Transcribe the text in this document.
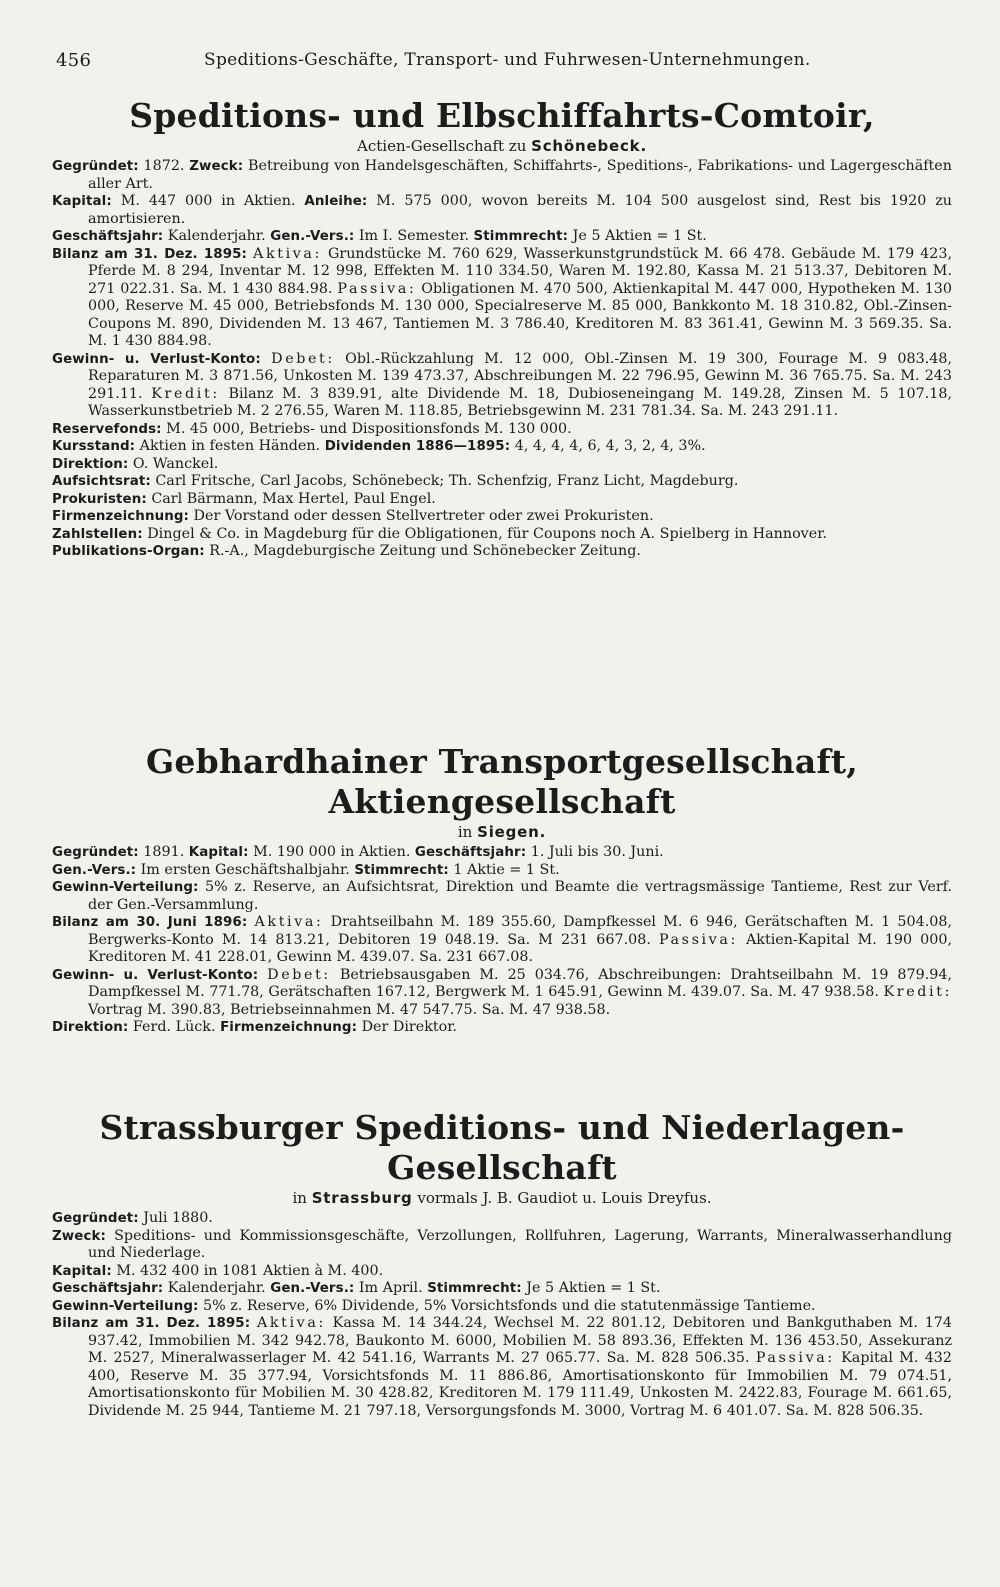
456	Speditions-Geschäfte, Transport- und Fuhrwesen-Unternehmungen.
Speditions- und Elbschiffahrts-Comtoir,

Actien-Gesellschaft zu Schönebeck.

Gegründet: 1872. Zweck: Betreibung von Handelsgeschäften, Schiffahrts-, Speditions-, Fabrikations- und Lagergeschäften aller Art.

Kapital: M. 447 000 in Aktien. Anleihe: M. 575 000, wovon bereits M. 104 500 ausgelost sind, Rest bis 1920 zu amortisieren.

Geschäftsjahr: Kalenderjahr. Gen.-Vers.: Im I. Semester. Stimmrecht: Je 5 Aktien = 1 St.

Bilanz am 31. Dez. 1895: Aktiva: Grundstücke M. 760 629, Wasserkunstgrundstück M. 66 478. Gebäude M. 179 423, Pferde M. 8 294, Inventar M. 12 998, Effekten M. 110 334.50, Waren M. 192.80, Kassa M. 21 513.37, Debitoren M. 271 022.31. Sa. M. 1 430 884.98. Passiva: Obligationen M. 470 500, Aktienkapital M. 447 000, Hypotheken M. 130 000, Reserve M. 45 000, Betriebsfonds M. 130 000, Specialreserve M. 85 000, Bankkonto M. 18 310.82, Obl.-Zinsen-Coupons M. 890, Dividenden M. 13 467, Tantiemen M. 3 786.40, Kreditoren M. 83 361.41, Gewinn M. 3 569.35. Sa. M. 1 430 884.98.

Gewinn- u. Verlust-Konto: Debet: Obl.-Rückzahlung M. 12 000, Obl.-Zinsen M. 19 300, Fourage M. 9 083.48, Reparaturen M. 3 871.56, Unkosten M. 139 473.37, Abschreibungen M. 22 796.95, Gewinn M. 36 765.75. Sa. M. 243 291.11. Kredit: Bilanz M. 3 839.91, alte Dividende M. 18, Dubioseneingang M. 149.28, Zinsen M. 5 107.18, Wasserkunstbetrieb M. 2 276.55, Waren M. 118.85, Betriebsgewinn M. 231 781.34. Sa. M. 243 291.11.

Reservefonds: M. 45 000, Betriebs- und Dispositionsfonds M. 130 000.

Kursstand: Aktien in festen Händen. Dividenden 1886—1895: 4, 4, 4, 4, 6, 4, 3, 2, 4, 3%.

Direktion: O. Wanckel.

Aufsichtsrat: Carl Fritsche, Carl Jacobs, Schönebeck; Th. Schenfzig, Franz Licht, Magdeburg.

Prokuristen: Carl Bärmann, Max Hertel, Paul Engel.

Firmenzeichnung: Der Vorstand oder dessen Stellvertreter oder zwei Prokuristen.

Zahlstellen: Dingel & Co. in Magdeburg für die Obligationen, für Coupons noch A. Spielberg in Hannover.

Publikations-Organ: R.-A., Magdeburgische Zeitung und Schönebecker Zeitung.

Gebhardhainer Transportgesellschaft, Aktiengesellschaft

in Siegen.

Gegründet: 1891. Kapital: M. 190 000 in Aktien. Geschäftsjahr: 1. Juli bis 30. Juni.

Gen.-Vers.: Im ersten Geschäftshalbjahr. Stimmrecht: 1 Aktie = 1 St.

Gewinn-Verteilung: 5% z. Reserve, an Aufsichtsrat, Direktion und Beamte die vertragsmässige Tantieme, Rest zur Verf. der Gen.-Versammlung.

Bilanz am 30. Juni 1896: Aktiva: Drahtseilbahn M. 189 355.60, Dampfkessel M. 6 946, Gerätschaften M. 1 504.08, Bergwerks-Konto M. 14 813.21, Debitoren 19 048.19. Sa. M 231 667.08. Passiva: Aktien-Kapital M. 190 000, Kreditoren M. 41 228.01, Gewinn M. 439.07. Sa. 231 667.08.

Gewinn- u. Verlust-Konto: Debet: Betriebsausgaben M. 25 034.76, Abschreibungen: Drahtseilbahn M. 19 879.94, Dampfkessel M. 771.78, Gerätschaften 167.12, Bergwerk M. 1 645.91, Gewinn M. 439.07. Sa. M. 47 938.58. Kredit: Vortrag M. 390.83, Betriebseinnahmen M. 47 547.75. Sa. M. 47 938.58.

Direktion: Ferd. Lück. Firmenzeichnung: Der Direktor.

Strassburger Speditions- und Niederlagen-Gesellschaft

in Strassburg vormals J. B. Gaudiot u. Louis Dreyfus.

Gegründet: Juli 1880.

Zweck: Speditions- und Kommissionsgeschäfte, Verzollungen, Rollfuhren, Lagerung, Warrants, Mineralwasserhandlung und Niederlage.

Kapital: M. 432 400 in 1081 Aktien à M. 400.

Geschäftsjahr: Kalenderjahr. Gen.-Vers.: Im April. Stimmrecht: Je 5 Aktien = 1 St.

Gewinn-Verteilung: 5% z. Reserve, 6% Dividende, 5% Vorsichtsfonds und die statutenmässige Tantieme.

Bilanz am 31. Dez. 1895: Aktiva: Kassa M. 14 344.24, Wechsel M. 22 801.12, Debitoren und Bankguthaben M. 174 937.42, Immobilien M. 342 942.78, Baukonto M. 6000, Mobilien M. 58 893.36, Effekten M. 136 453.50, Assekuranz M. 2527, Mineralwasserlager M. 42 541.16, Warrants M. 27 065.77. Sa. M. 828 506.35. Passiva: Kapital M. 432 400, Reserve M. 35 377.94, Vorsichtsfonds M. 11 886.86, Amortisationskonto für Immobilien M. 79 074.51, Amortisationskonto für Mobilien M. 30 428.82, Kreditoren M. 179 111.49, Unkosten M. 2422.83, Fourage M. 661.65, Dividende M. 25 944, Tantieme M. 21 797.18, Versorgungsfonds M. 3000, Vortrag M. 6 401.07. Sa. M. 828 506.35.
